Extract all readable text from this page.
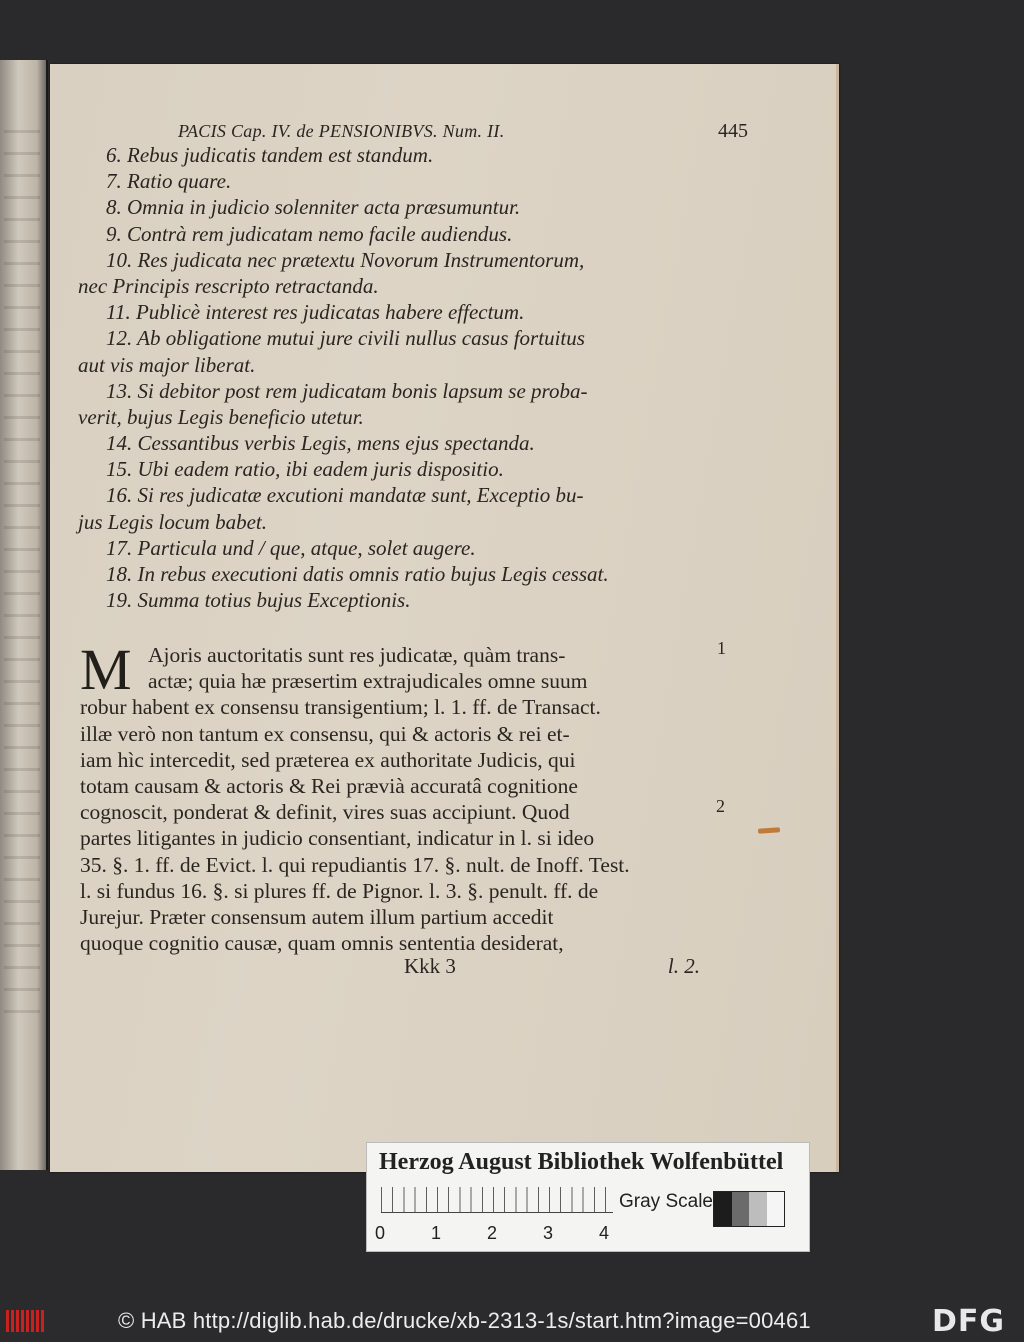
PACIS Cap. IV. de PENSIONIBVS. Num. II.	445
6. Rebus judicatis tandem est standum.
7. Ratio quare.
8. Omnia in judicio solenniter acta præsumuntur.
9. Contrà rem judicatam nemo facile audiendus.
10. Res judicata nec prætextu Novorum Instrumentorum,
nec Principis rescripto retractanda.
11. Publicè interest res judicatas habere effectum.
12. Ab obligatione mutui jure civili nullus casus fortuitus
aut vis major liberat.
13. Si debitor post rem judicatam bonis lapsum se proba-
verit, bujus Legis beneficio utetur.
14. Cessantibus verbis Legis, mens ejus spectanda.
15. Ubi eadem ratio, ibi eadem juris dispositio.
16. Si res judicatæ excutioni mandatæ sunt, Exceptio bu-
jus Legis locum babet.
17. Particula und / que, atque, solet augere.
18. In rebus executioni datis omnis ratio bujus Legis cessat.
19. Summa totius bujus Exceptionis.
M Ajoris auctoritatis sunt res judicatæ, quàm trans-
actæ; quia hæ præsertim extrajudicales omne suum
robur habent ex consensu transigentium; l. 1. ff. de Transact.
illæ verò non tantum ex consensu, qui & actoris & rei et-
iam hìc intercedit, sed præterea ex authoritate Judicis, qui
totam causam & actoris & Rei prævià accuratâ cognitione
cognoscit, ponderat & definit, vires suas accipiunt. Quod
partes litigantes in judicio consentiant, indicatur in l. si ideo
35. §. 1. ff. de Evict. l. qui repudiantis 17. §. nult. de Inoff. Test.
l. si fundus 16. §. si plures ff. de Pignor. l. 3. §. penult. ff. de
Jurejur. Præter consensum autem illum partium accedit
quoque cognitio causæ, quam omnis sententia desiderat,
Kkk 3	l. 2.
1
2
Herzog August Bibliothek Wolfenbüttel
0	1	2	3	4
Gray Scale
© HAB http://diglib.hab.de/drucke/xb-2313-1s/start.htm?image=00461	DFG
